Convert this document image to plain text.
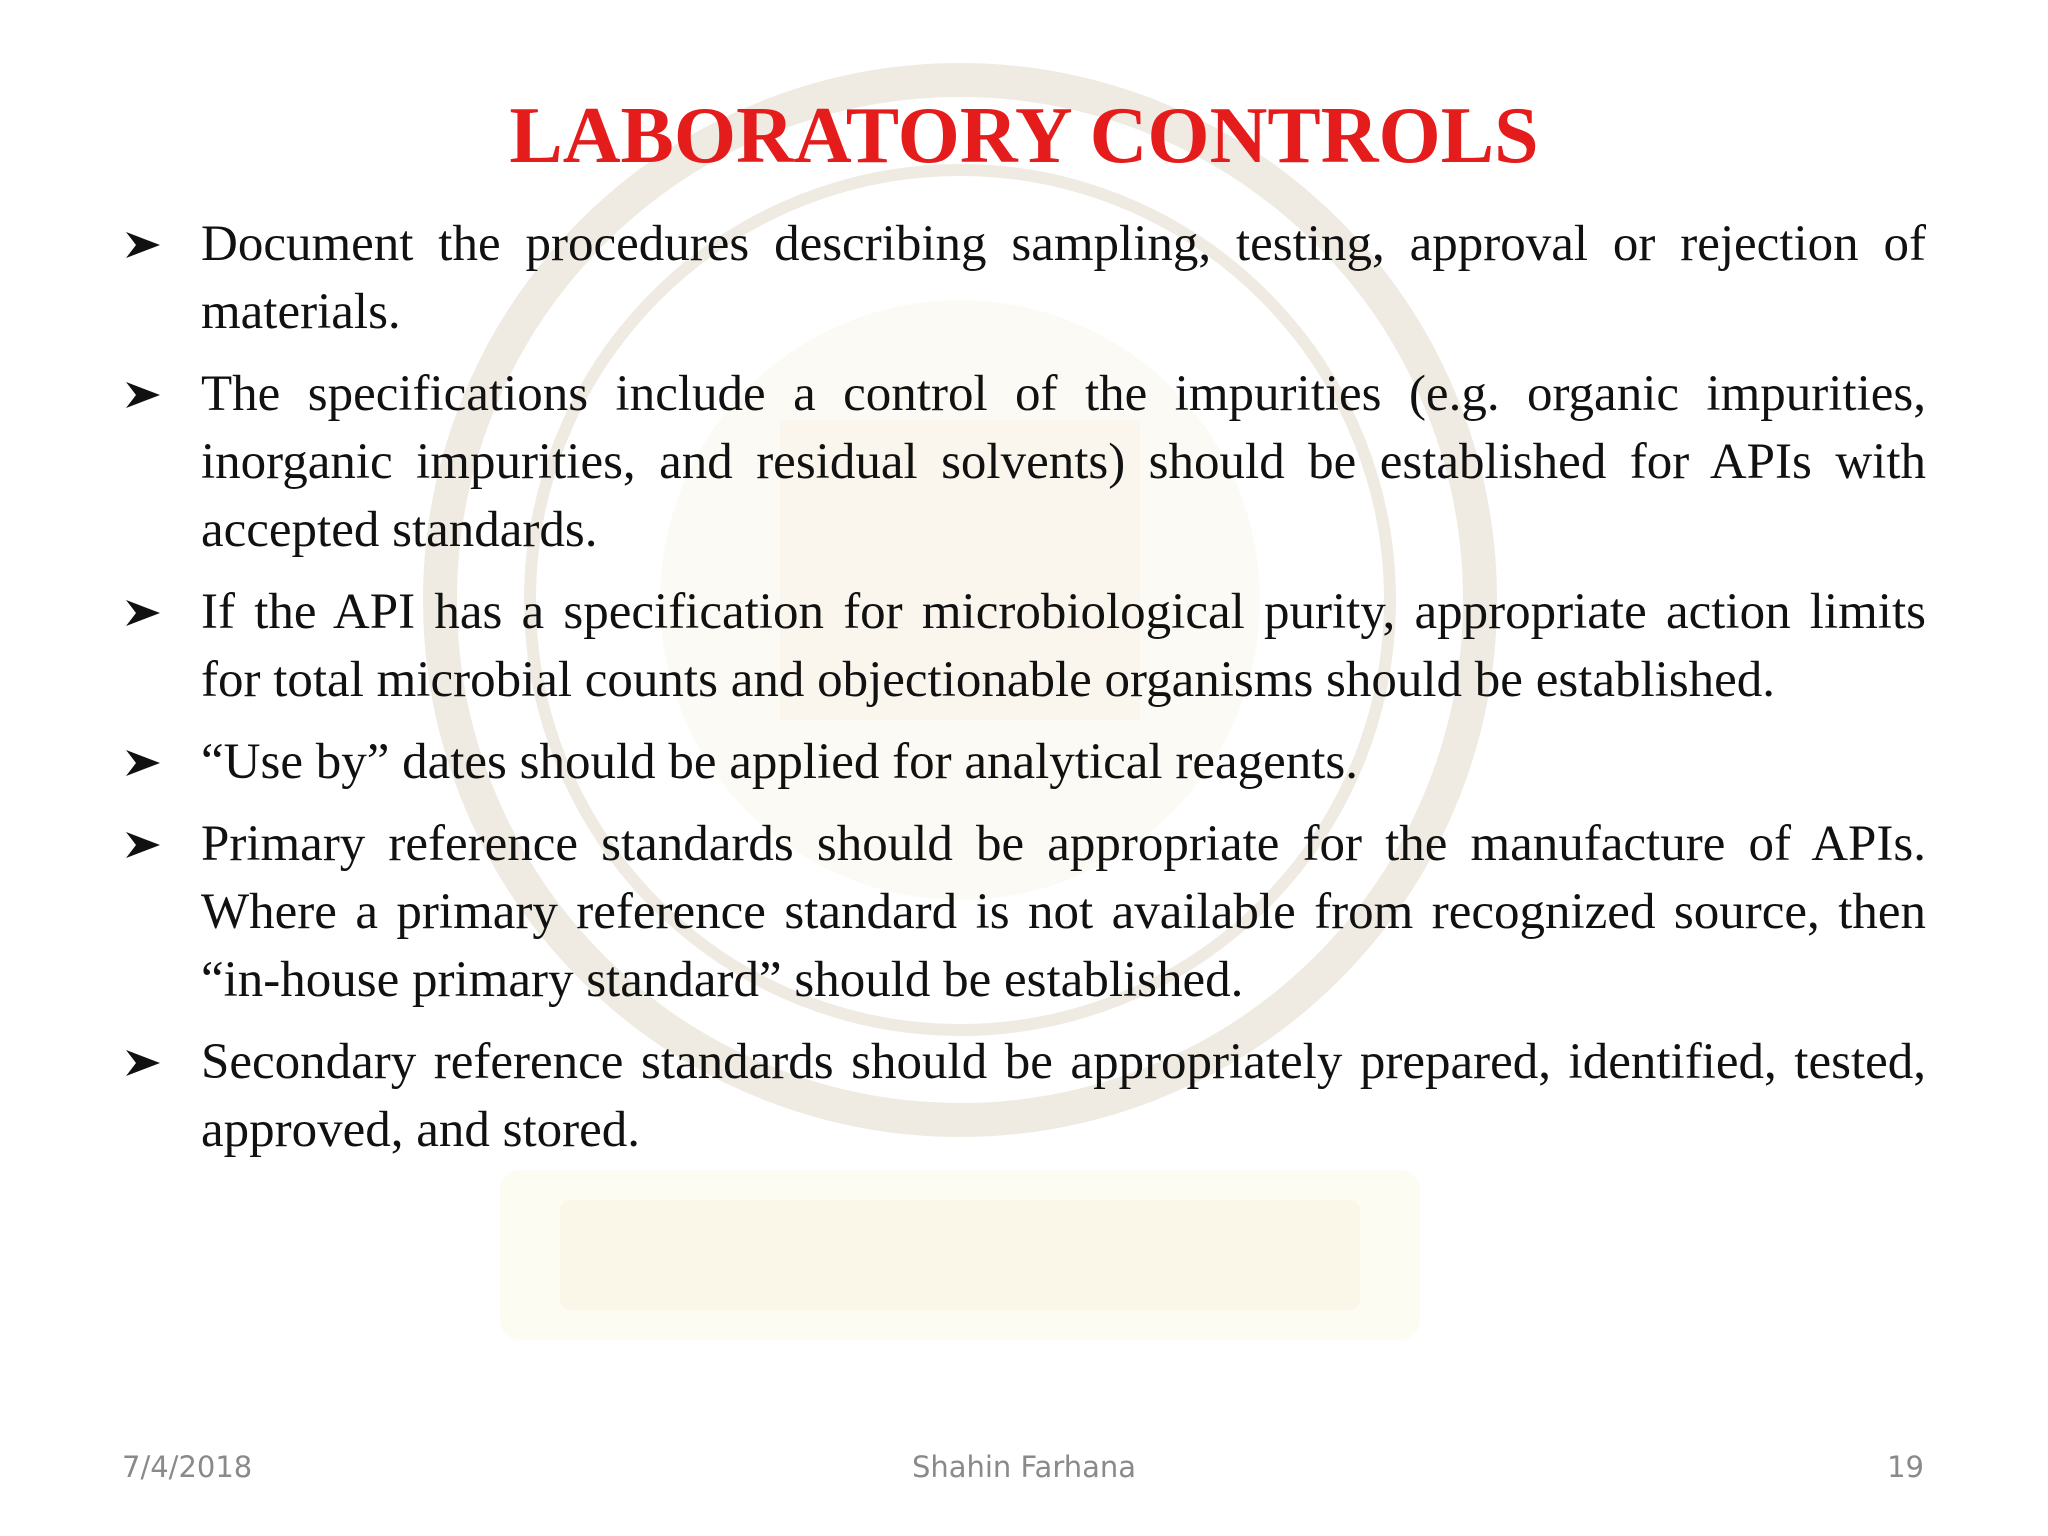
LABORATORY CONTROLS
Document the procedures describing sampling, testing, approval or rejection of materials.
The specifications include a control of the impurities (e.g. organic impurities, inorganic impurities, and residual solvents) should be established for APIs with accepted standards.
If the API has a specification for microbiological purity, appropriate action limits for total microbial counts and objectionable organisms should be established.
“Use by” dates should be applied for analytical reagents.
Primary reference standards should be appropriate for the manufacture of APIs. Where a primary reference standard is not available from recognized source, then “in-house primary standard” should be established.
Secondary reference standards should be appropriately prepared, identified, tested, approved, and stored.
7/4/2018	Shahin Farhana	19
